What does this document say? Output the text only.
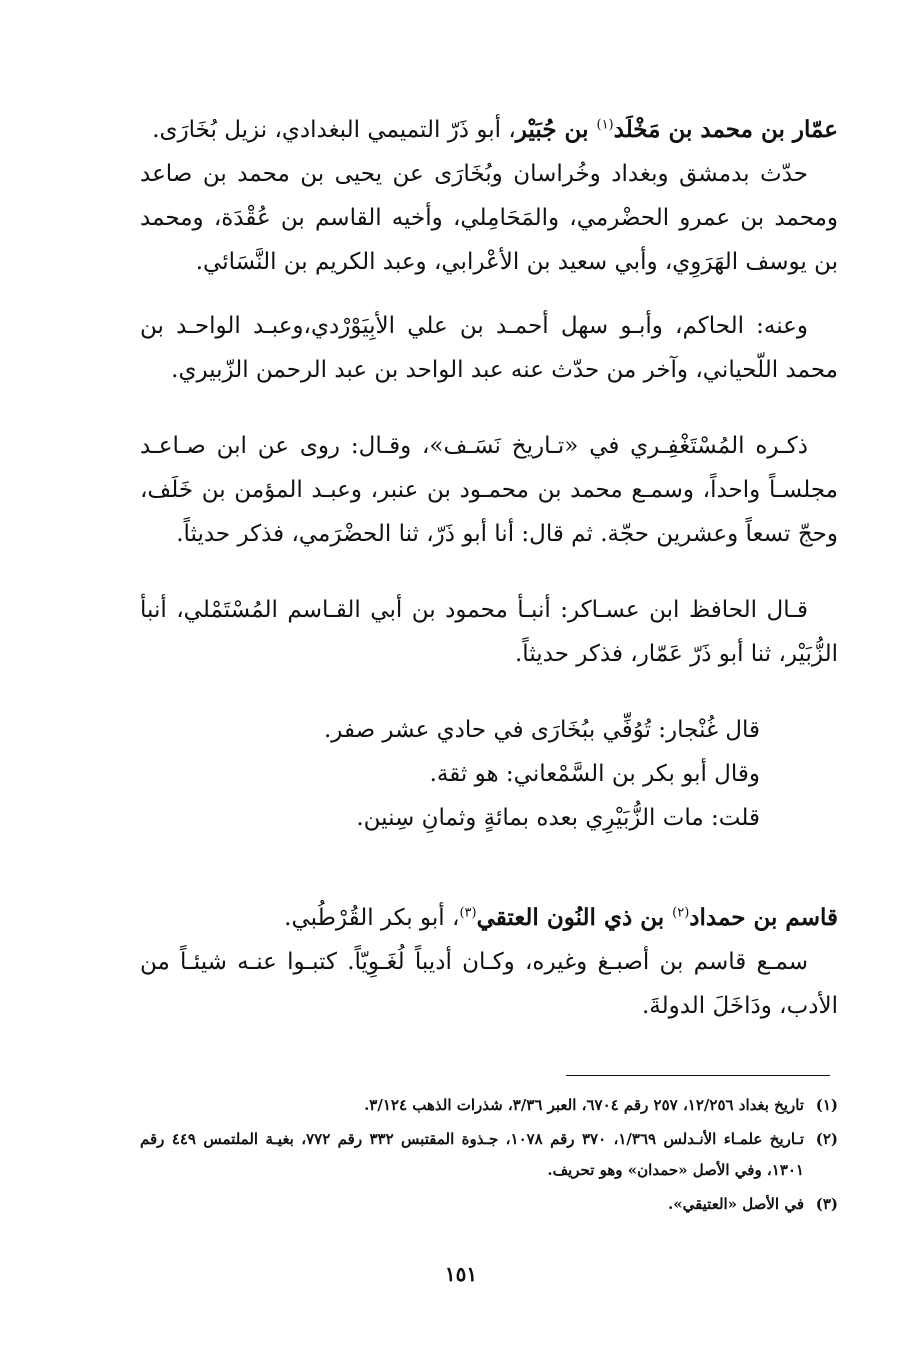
عمّار بن محمد بن مَخْلَد$^{(١)}$ بن جُبَيْر، أبو ذَرّ التميمي البغدادي، نزيل بُخَارَى.

حدّث بدمشق وبغداد وخُراسان وبُخَارَى عن يحيى بن محمد بن صاعد ومحمد بن عمرو الحضْرمي، والمَحَامِلي، وأخيه القاسم بن عُقْدَة، ومحمد بن يوسف الهَرَوِي، وأبي سعيد بن الأعْرابي، وعبد الكريم بن النَّسَائي.

وعنه: الحاكم، وأبـو سهل أحمـد بن علي الأبِيَوْرْدي،وعبـد الواحـد بن محمد اللّحياني، وآخر من حدّث عنه عبد الواحد بن عبد الرحمن الزّبيري.

ذكـره المُسْتَغْفِـري في «تـاريخ نَسَـف»، وقـال: روى عن ابن صـاعـد مجلسـاً واحداً، وسمـع محمد بن محمـود بن عنبر، وعبـد المؤمن بن خَلَف، وحجّ تسعاً وعشرين حجّة. ثم قال: أنا أبو ذَرّ، ثنا الحضْرَمي، فذكر حديثاً.

قـال الحافظ ابن عسـاكر: أنبـأ محمود بن أبي القـاسم المُسْتَمْلي، أنبأ الزُّبَيْر، ثنا أبو ذَرّ عَمّار، فذكر حديثاً.

قال غُنْجار: تُوُفِّي ببُخَارَى في حادي عشر صفر.

وقال أبو بكر بن السَّمْعاني: هو ثقة.

قلت: مات الزُّبَيْرِي بعده بمائةٍ وثمانِ سِنين.

قاسم بن حمداد$^{(٢)}$ بن ذي النُون العتقي$^{(٣)}$، أبو بكر القُرْطُبي.

سمـع قاسم بن أصبـغ وغيره، وكـان أديباً لُغَـوِيّاً. كتبـوا عنـه شيئـاً من الأدب، ودَاخَلَ الدولةَ.

(١)
تاريخ بغداد ١٢/٢٥٦، ٢٥٧ رقم ٦٧٠٤، العبر ٣/٣٦، شذرات الذهب ٣/١٢٤.

(٢)
تـاريخ علمـاء الأنـدلس ١/٣٦٩، ٣٧٠ رقم ١٠٧٨، جـذوة المقتبس ٣٣٢ رقم ٧٧٢، بغيـة الملتمس ٤٤٩ رقم ١٣٠١، وفي الأصل «حمدان» وهو تحريف.

(٣)
في الأصل «العتيقي».

١٥١
